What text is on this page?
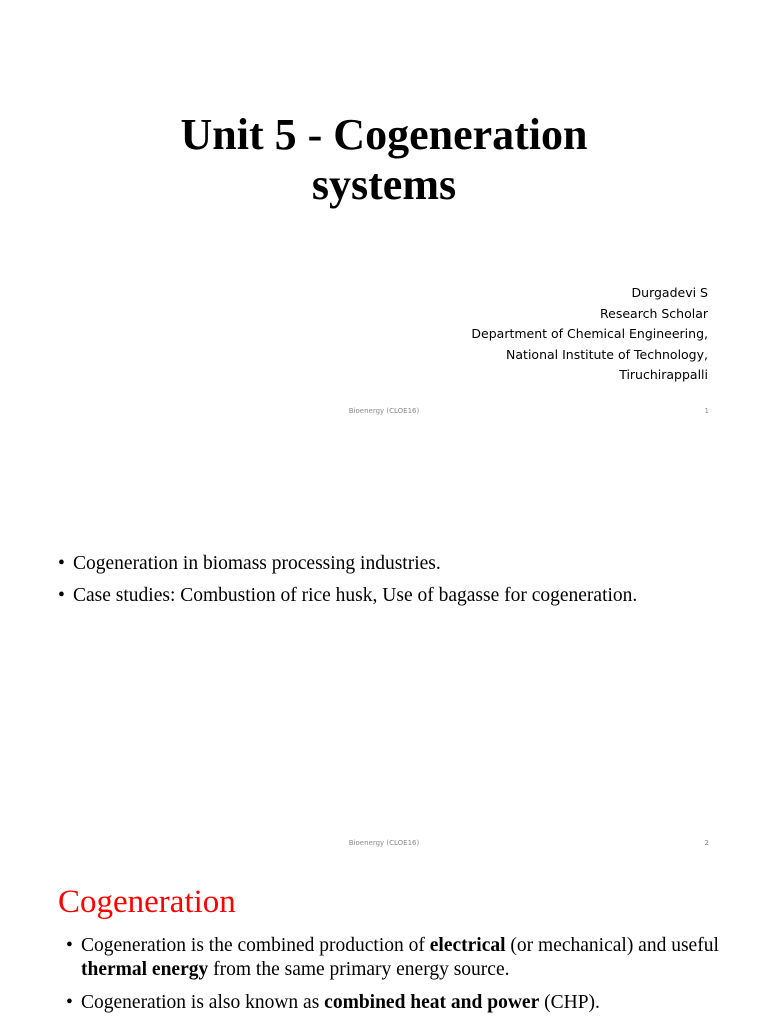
Unit 5 - Cogeneration
systems
Durgadevi S
Research Scholar
Department of Chemical Engineering,
National Institute of Technology,
Tiruchirappalli
Bioenergy (CLOE16)	1
• Cogeneration in biomass processing industries.
• Case studies: Combustion of rice husk, Use of bagasse for cogeneration.
Bioenergy (CLOE16)	2
Cogeneration
• Cogeneration is the combined production of electrical (or mechanical) and useful thermal energy from the same primary energy source.
• Cogeneration is also known as combined heat and power (CHP).
